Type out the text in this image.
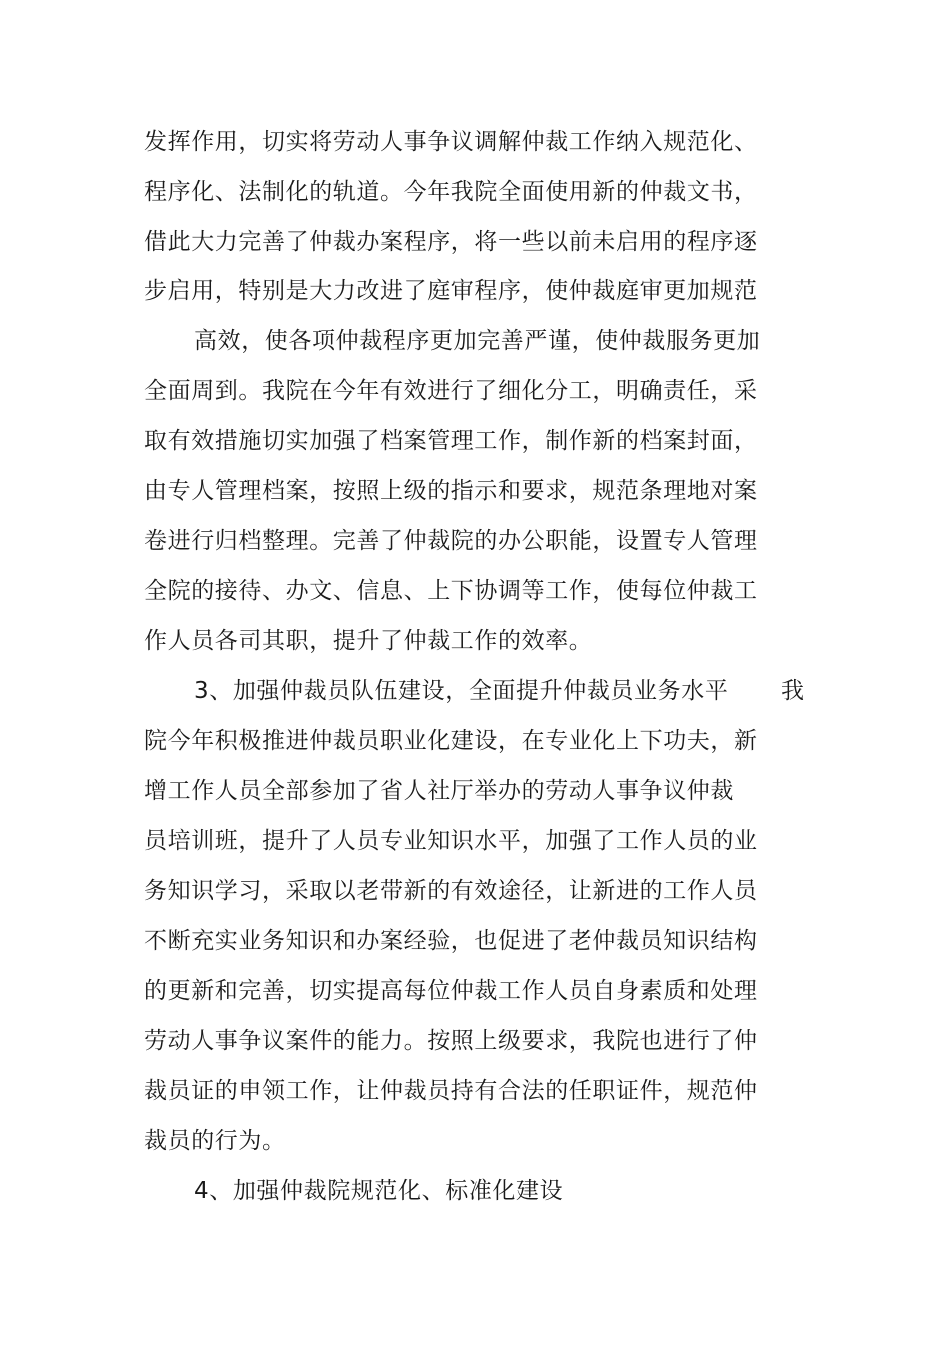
发挥作用，切实将劳动人事争议调解仲裁工作纳入规范化、
程序化、法制化的轨道。今年我院全面使用新的仲裁文书，
借此大力完善了仲裁办案程序，将一些以前未启用的程序逐
步启用，特别是大力改进了庭审程序，使仲裁庭审更加规范
高效，使各项仲裁程序更加完善严谨，使仲裁服务更加
全面周到。我院在今年有效进行了细化分工，明确责任，采
取有效措施切实加强了档案管理工作，制作新的档案封面，
由专人管理档案，按照上级的指示和要求，规范条理地对案
卷进行归档整理。完善了仲裁院的办公职能，设置专人管理
全院的接待、办文、信息、上下协调等工作，使每位仲裁工
作人员各司其职，提升了仲裁工作的效率。
3、加强仲裁员队伍建设，全面提升仲裁员业务水平 我
院今年积极推进仲裁员职业化建设，在专业化上下功夫，新
增工作人员全部参加了省人社厅举办的劳动人事争议仲裁
员培训班，提升了人员专业知识水平，加强了工作人员的业
务知识学习，采取以老带新的有效途径，让新进的工作人员
不断充实业务知识和办案经验，也促进了老仲裁员知识结构
的更新和完善，切实提高每位仲裁工作人员自身素质和处理
劳动人事争议案件的能力。按照上级要求，我院也进行了仲
裁员证的申领工作，让仲裁员持有合法的任职证件，规范仲
裁员的行为。
4、加强仲裁院规范化、标准化建设
